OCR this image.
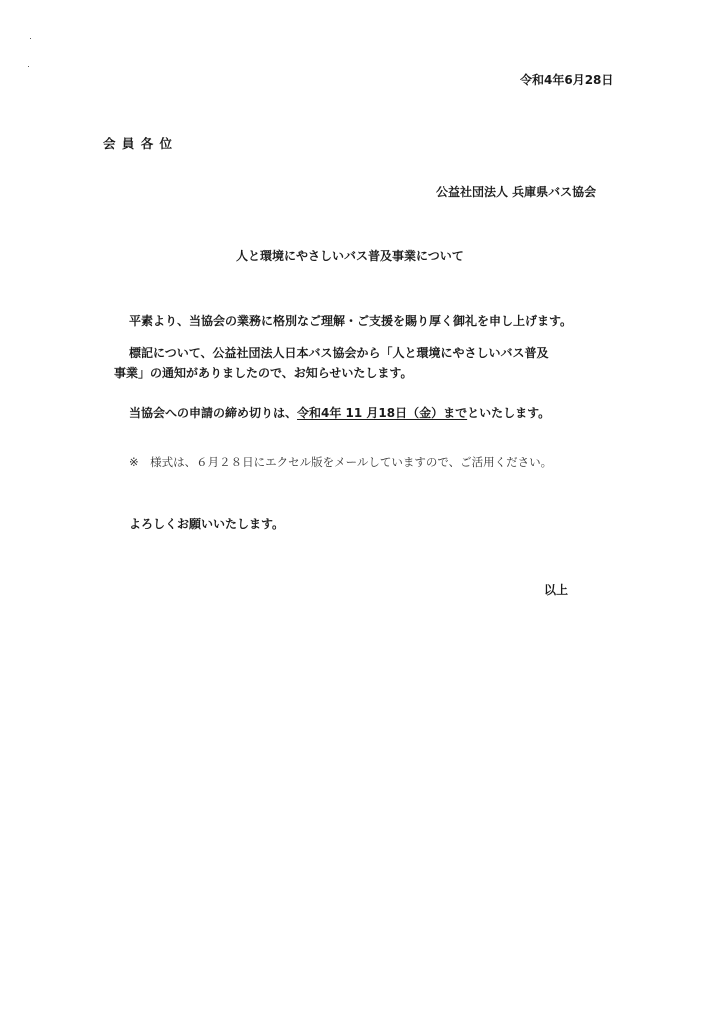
令和4年6月28日
会 員 各 位
公益社団法人 兵庫県バス協会
人と環境にやさしいバス普及事業について
平素より、当協会の業務に格別なご理解・ご支援を賜り厚く御礼を申し上げます。
標記について、公益社団法人日本バス協会から「人と環境にやさしいバス普及
事業」の通知がありましたので、お知らせいたします。
当協会への申請の締め切りは、令和4年 11 月18日（金）までといたします。
※　様式は、６月２８日にエクセル版をメールしていますので、ご活用ください。
よろしくお願いいたします。
以上
